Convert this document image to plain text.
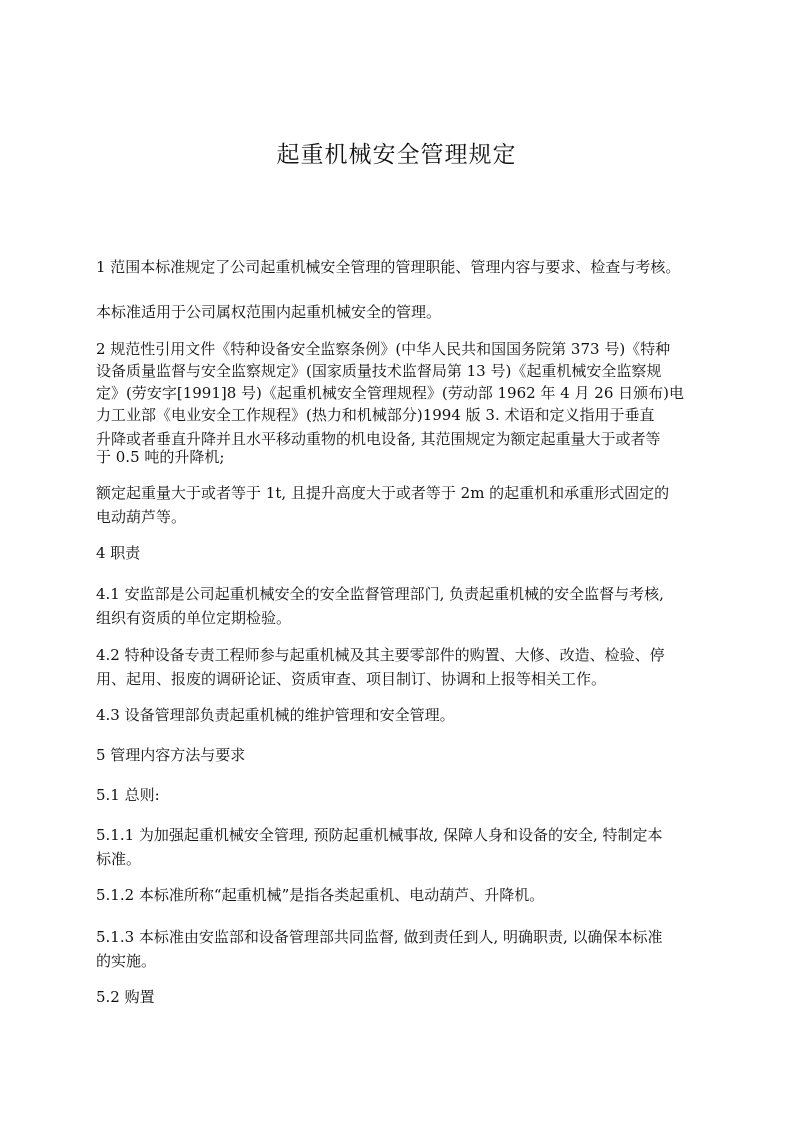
起重机械安全管理规定
1 范围本标准规定了公司起重机械安全管理的管理职能、管理内容与要求、检查与考核。
本标准适用于公司属权范围内起重机械安全的管理。
2 规范性引用文件《特种设备安全监察条例》(中华人民共和国国务院第 373 号)《特种
设备质量监督与安全监察规定》(国家质量技术监督局第 13 号)《起重机械安全监察规
定》(劳安字[1991]8 号)《起重机械安全管理规程》(劳动部 1962 年 4 月 26 日颁布)电
力工业部《电业安全工作规程》(热力和机械部分)1994 版 3. 术语和定义指用于垂直
升降或者垂直升降并且水平移动重物的机电设备, 其范围规定为额定起重量大于或者等
于 0.5 吨的升降机;
额定起重量大于或者等于 1t, 且提升高度大于或者等于 2m 的起重机和承重形式固定的
电动葫芦等。
4 职责
4.1 安监部是公司起重机械安全的安全监督管理部门, 负责起重机械的安全监督与考核,
组织有资质的单位定期检验。
4.2 特种设备专责工程师参与起重机械及其主要零部件的购置、大修、改造、检验、停
用、起用、报废的调研论证、资质审查、项目制订、协调和上报等相关工作。
4.3 设备管理部负责起重机械的维护管理和安全管理。
5 管理内容方法与要求
5.1 总则:
5.1.1 为加强起重机械安全管理, 预防起重机械事故, 保障人身和设备的安全, 特制定本
标准。
5.1.2 本标准所称“起重机械”是指各类起重机、电动葫芦、升降机。
5.1.3 本标准由安监部和设备管理部共同监督, 做到责任到人, 明确职责, 以确保本标准
的实施。
5.2 购置
